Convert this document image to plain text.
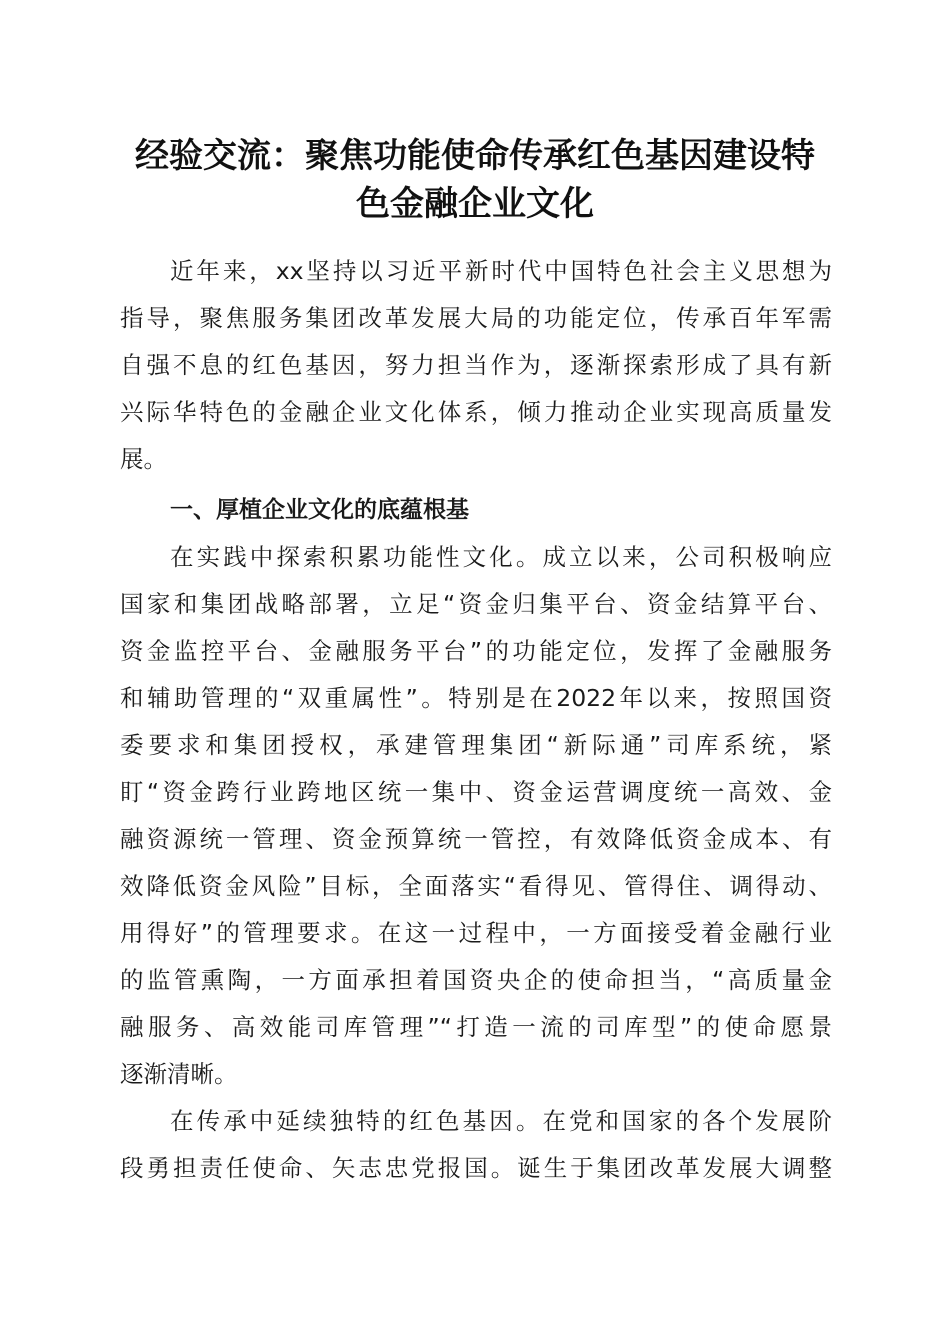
经验交流：聚焦功能使命传承红色基因建设特
色金融企业文化
近年来，xx坚持以习近平新时代中国特色社会主义思想为
指导，聚焦服务集团改革发展大局的功能定位，传承百年军需
自强不息的红色基因，努力担当作为，逐渐探索形成了具有新
兴际华特色的金融企业文化体系，倾力推动企业实现高质量发
展。
一、厚植企业文化的底蕴根基
在实践中探索积累功能性文化。成立以来，公司积极响应
国家和集团战略部署，立足“资金归集平台、资金结算平台、
资金监控平台、金融服务平台”的功能定位，发挥了金融服务
和辅助管理的“双重属性”。特别是在2022年以来，按照国资
委要求和集团授权，承建管理集团“新际通”司库系统，紧
盯“资金跨行业跨地区统一集中、资金运营调度统一高效、金
融资源统一管理、资金预算统一管控，有效降低资金成本、有
效降低资金风险”目标，全面落实“看得见、管得住、调得动、
用得好”的管理要求。在这一过程中，一方面接受着金融行业
的监管熏陶，一方面承担着国资央企的使命担当，“高质量金
融服务、高效能司库管理”“打造一流的司库型”的使命愿景
逐渐清晰。
在传承中延续独特的红色基因。在党和国家的各个发展阶
段勇担责任使命、矢志忠党报国。诞生于集团改革发展大调整
